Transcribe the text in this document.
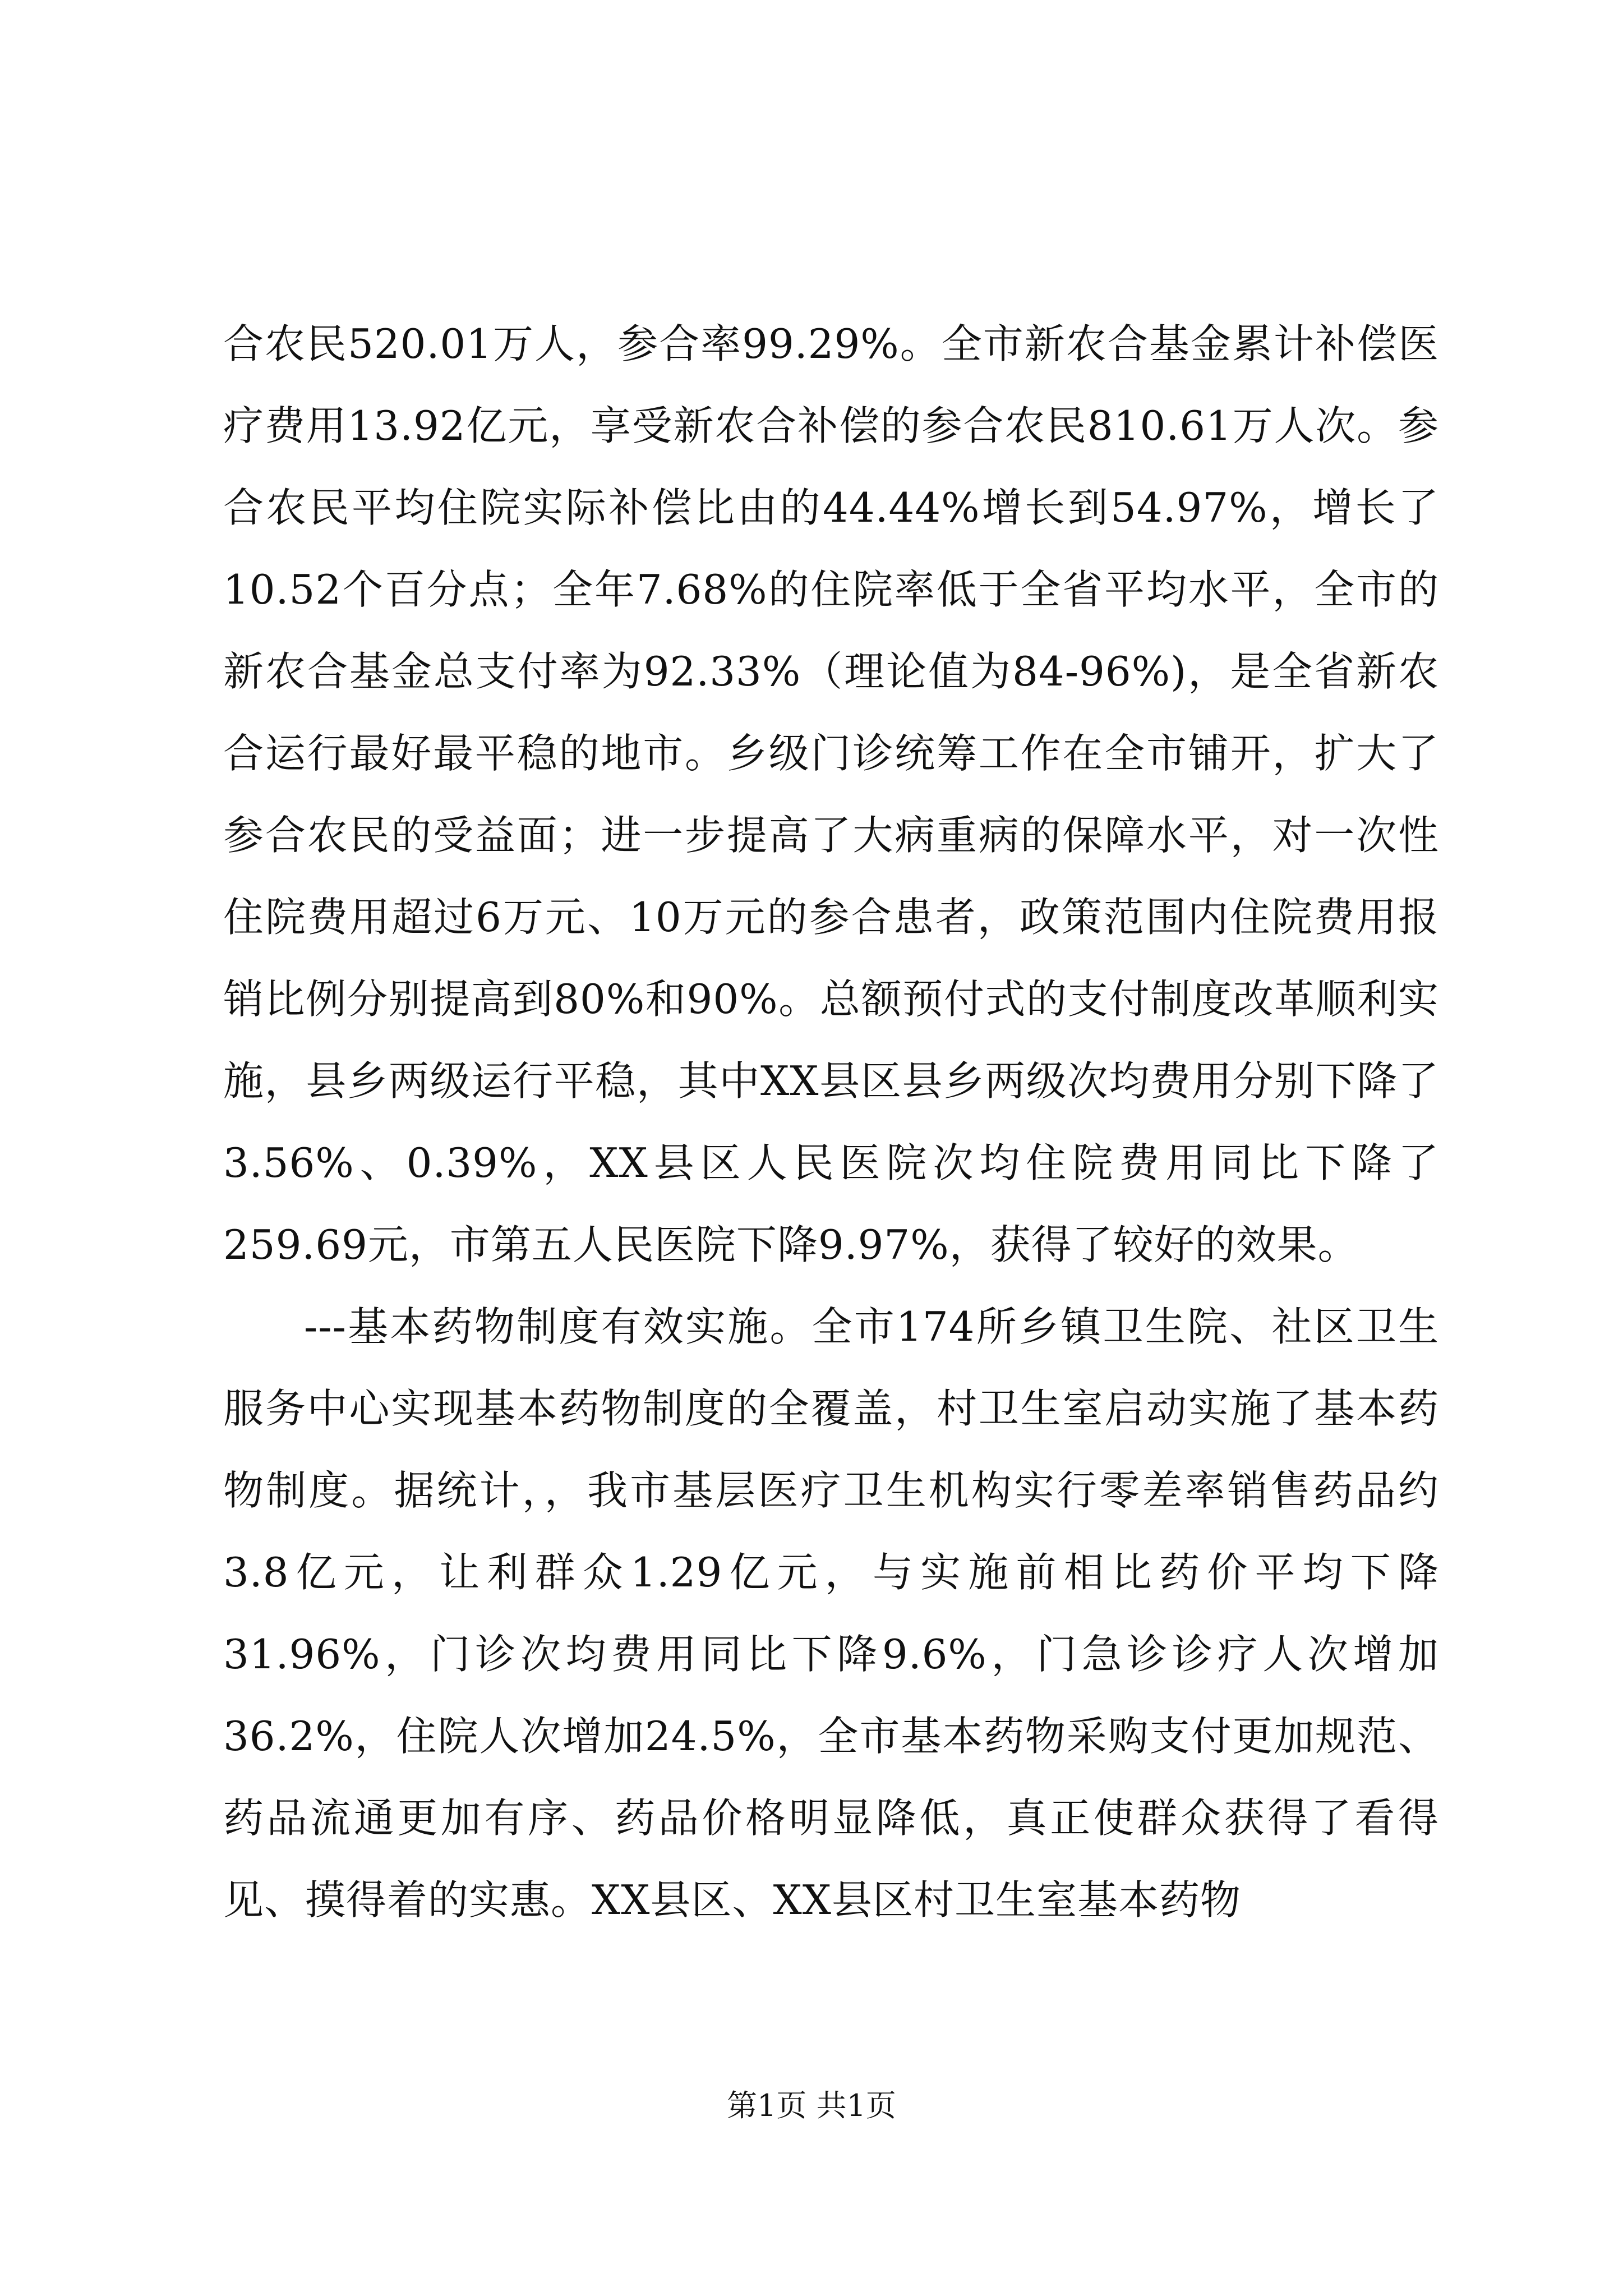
合农民520.01万人，参合率99.29%。全市新农合基金累计补偿医疗费用13.92亿元，享受新农合补偿的参合农民810.61万人次。参合农民平均住院实际补偿比由的44.44%增长到54.97%，增长了10.52个百分点；全年7.68%的住院率低于全省平均水平，全市的新农合基金总支付率为92.33%（理论值为84-96%)，是全省新农合运行最好最平稳的地市。乡级门诊统筹工作在全市铺开，扩大了参合农民的受益面；进一步提高了大病重病的保障水平，对一次性住院费用超过6万元、10万元的参合患者，政策范围内住院费用报销比例分别提高到80%和90%。总额预付式的支付制度改革顺利实施，县乡两级运行平稳，其中XX县区县乡两级次均费用分别下降了3.56%、0.39%，XX县区人民医院次均住院费用同比下降了259.69元，市第五人民医院下降9.97%，获得了较好的效果。

---基本药物制度有效实施。全市174所乡镇卫生院、社区卫生服务中心实现基本药物制度的全覆盖，村卫生室启动实施了基本药物制度。据统计，，我市基层医疗卫生机构实行零差率销售药品约3.8亿元，让利群众1.29亿元，与实施前相比药价平均下降31.96%，门诊次均费用同比下降9.6%，门急诊诊疗人次增加36.2%，住院人次增加24.5%，全市基本药物采购支付更加规范、药品流通更加有序、药品价格明显降低，真正使群众获得了看得见、摸得着的实惠。XX县区、XX县区村卫生室基本药物

第1页 共1页
